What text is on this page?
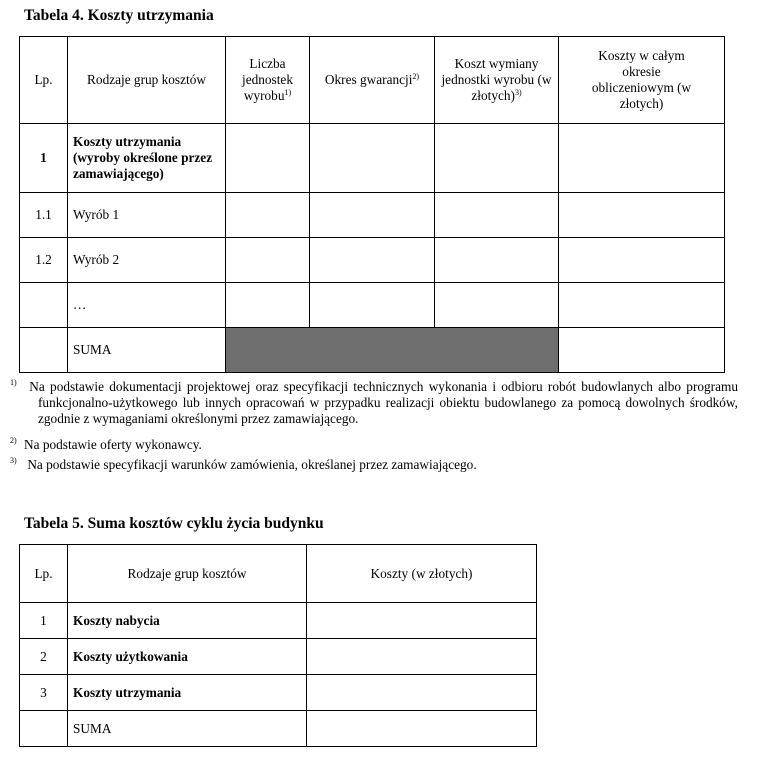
Tabela 4. Koszty utrzymania
Lp.	Rodzaje grup kosztów	Liczba jednostek wyrobu$^{1)}$	Okres gwarancji$^{2)}$	Koszt wymiany jednostki wyrobu (w złotych)$^{3)}$	Koszty w całym okresie obliczeniowym (w złotych)
1	Koszty utrzymania (wyroby określone przez zamawiającego)				
1.1	Wyrób 1				
1.2	Wyrób 2				
	…				
	SUMA				
1) Na podstawie dokumentacji projektowej oraz specyfikacji technicznych wykonania i odbioru robót budowlanych albo programu funkcjonalno-użytkowego lub innych opracowań w przypadku realizacji obiektu budowlanego za pomocą dowolnych środków, zgodnie z wymaganiami określonymi przez zamawiającego.
2) Na podstawie oferty wykonawcy.
3) Na podstawie specyfikacji warunków zamówienia, określanej przez zamawiającego.
Tabela 5. Suma kosztów cyklu życia budynku
Lp.	Rodzaje grup kosztów	Koszty (w złotych)
1	Koszty nabycia	
2	Koszty użytkowania	
3	Koszty utrzymania	
	SUMA	
